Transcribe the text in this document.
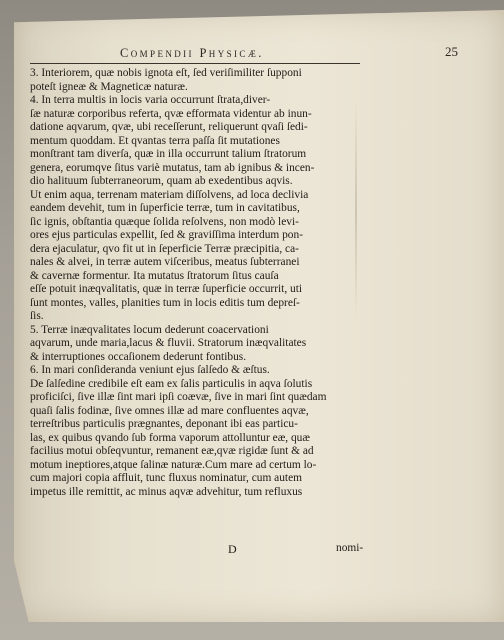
Compendii Physicæ.	25
3. Interiorem, quæ nobis ignota eſt, ſed veriſimiliter ſupponi
poteſt igneæ & Magneticæ naturæ.
4. In terra multis in locis varia occurrunt ſtrata,diver-
ſæ naturæ corporibus referta, qvæ efformata videntur ab inun-
datione aqvarum, qvæ, ubi receſſerunt, reliquerunt qvaſi ſedi-
mentum quoddam. Et qvantas terra paſſa ſit mutationes
monſtrant tam diverſa, quæ in illa occurrunt talium ſtratorum
genera, eorumqve ſitus variè mutatus, tam ab ignibus & incen-
dio halituum ſubterraneorum, quam ab exedentibus aqvis.
Ut enim aqua, terrenam materiam diſſolvens, ad loca declivia
eandem devehit, tum in ſuperficie terræ, tum in cavitatibus,
ſic ignis, obſtantia quæque ſolida reſolvens, non modò levi-
ores ejus particulas expellit, ſed & graviſſima interdum pon-
dera ejaculatur, qvo fit ut in ſeperficie Terræ præcipitia, ca-
nales & alvei, in terræ autem viſceribus, meatus ſubterranei
& cavernæ formentur. Ita mutatus ſtratorum ſitus cauſa
eſſe potuit inæqvalitatis, quæ in terræ ſuperficie occurrit, uti
ſunt montes, valles, planities tum in locis editis tum depreſ-
ſis.
5. Terræ inæqvalitates locum dederunt coacervationi
aqvarum, unde maria,lacus & fluvii. Stratorum inæqvalitates
& interruptiones occaſionem dederunt fontibus.
6. In mari conſideranda veniunt ejus ſalſedo & æſtus.
De ſalſedine credibile eſt eam ex ſalis particulis in aqva ſolutis
proficiſci, ſive illæ ſint mari ipſi coævæ, ſive in mari ſint quædam
quaſi ſalis fodinæ, ſive omnes illæ ad mare confluentes aqvæ,
terreſtribus particulis prægnantes, deponant ibi eas particu-
las, ex quibus qvando ſub forma vaporum attolluntur eæ, quæ
facilius motui obſeqvuntur, remanent eæ,qvæ rigidæ ſunt & ad
motum ineptiores,atque ſalinæ naturæ.Cum mare ad certum lo-
cum majori copia affluit, tunc fluxus nominatur, cum autem
impetus ille remittit, ac minus aqvæ advehitur, tum refluxus
D	nomi-
